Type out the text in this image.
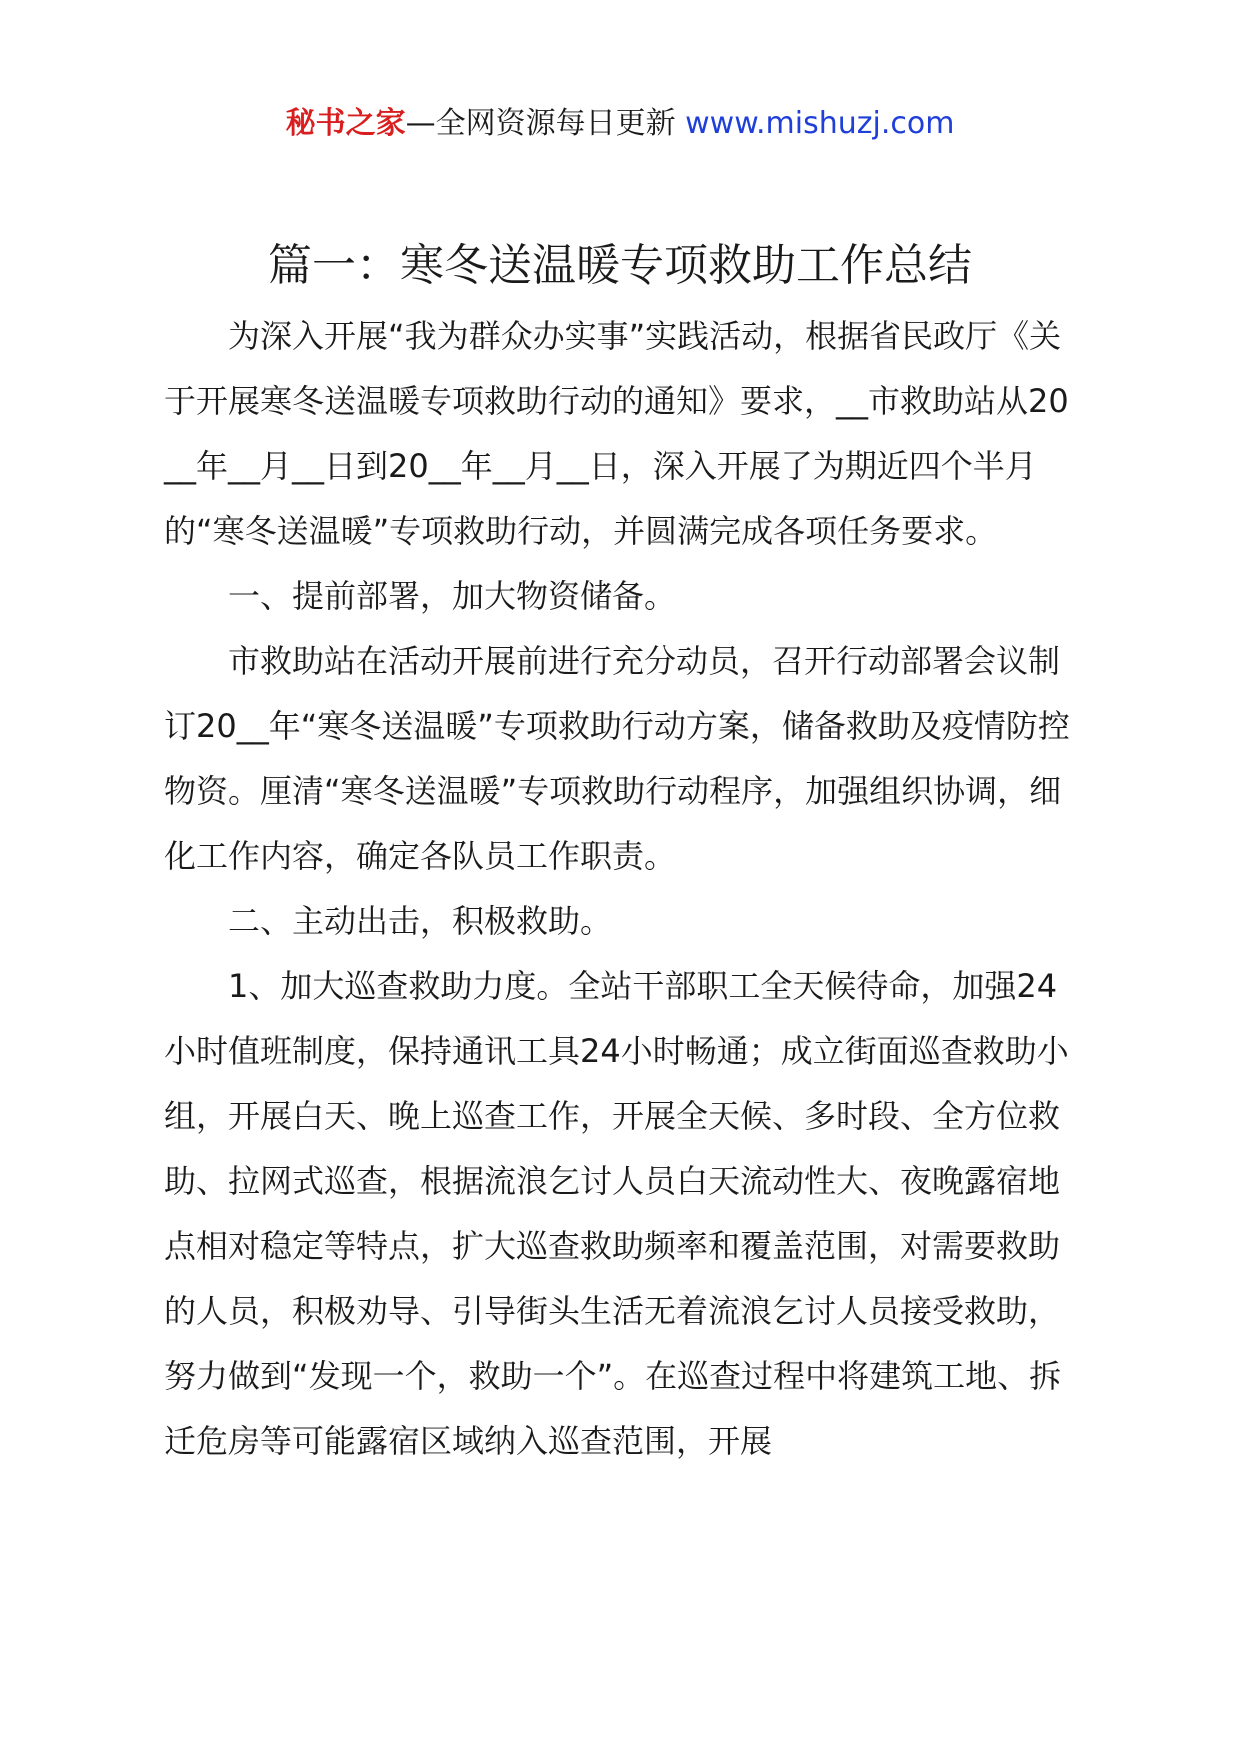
秘书之家—全网资源每日更新 www.mishuzj.com
篇一：寒冬送温暖专项救助工作总结

为深入开展“我为群众办实事”实践活动，根据省民政厅《关于开展寒冬送温暖专项救助行动的通知》要求，__市救助站从20__年__月__日到20__年__月__日，深入开展了为期近四个半月的“寒冬送温暖”专项救助行动，并圆满完成各项任务要求。

一、提前部署，加大物资储备。

市救助站在活动开展前进行充分动员，召开行动部署会议制订20__年“寒冬送温暖”专项救助行动方案，储备救助及疫情防控物资。厘清“寒冬送温暖”专项救助行动程序，加强组织协调，细化工作内容，确定各队员工作职责。

二、主动出击，积极救助。

1、加大巡查救助力度。全站干部职工全天候待命，加强24小时值班制度，保持通讯工具24小时畅通；成立街面巡查救助小组，开展白天、晚上巡查工作，开展全天候、多时段、全方位救助、拉网式巡查，根据流浪乞讨人员白天流动性大、夜晚露宿地点相对稳定等特点，扩大巡查救助频率和覆盖范围，对需要救助的人员，积极劝导、引导街头生活无着流浪乞讨人员接受救助，努力做到“发现一个，救助一个”。在巡查过程中将建筑工地、拆迁危房等可能露宿区域纳入巡查范围，开展
